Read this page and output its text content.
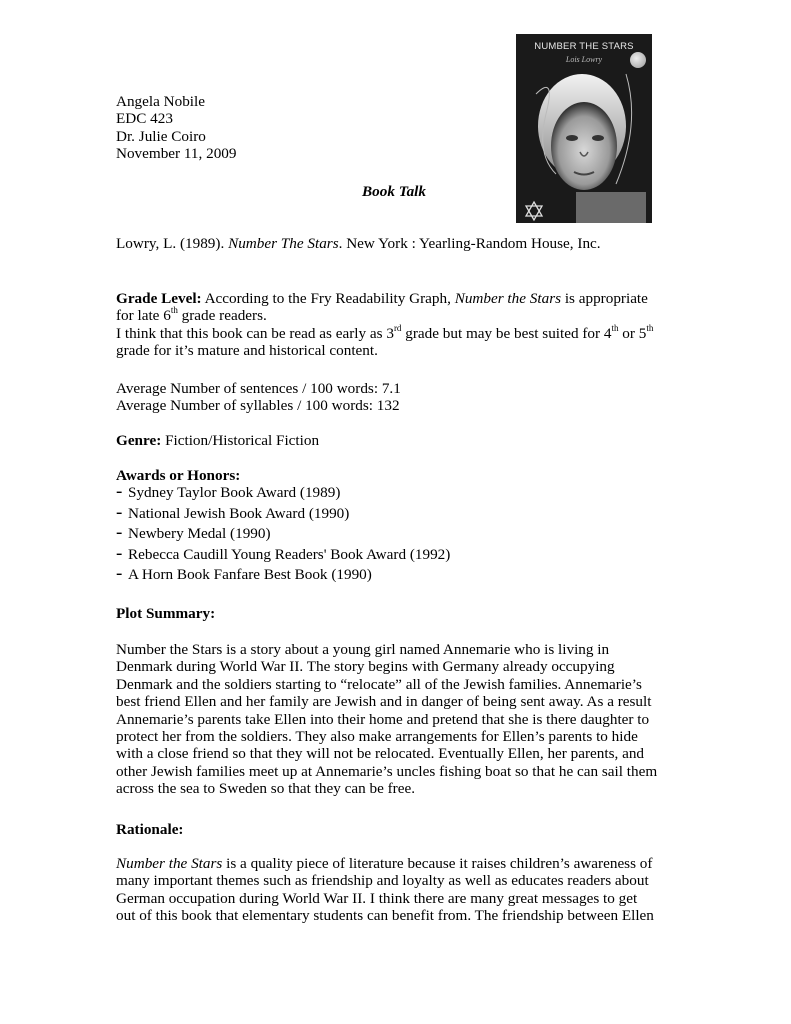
NUMBER THE STARS
Lois Lowry

Angela Nobile

EDC 423

Dr. Julie Coiro

November 11, 2009

Book Talk
Lowry, L. (1989). Number The Stars. New York : Yearling-Random House, Inc.

Grade Level: According to the Fry Readability Graph, Number the Stars is appropriate

for late 6th grade readers.

I think that this book can be read as early as 3rd grade but may be best suited for 4th or 5th

grade for it’s mature and historical content.

Average Number of sentences / 100 words: 7.1

Average Number of syllables / 100 words: 132

Genre: Fiction/Historical Fiction

Awards or Honors:

- Sydney Taylor Book Award (1989)
- National Jewish Book Award (1990)
- Newbery Medal (1990)
- Rebecca Caudill Young Readers' Book Award (1992)
- A Horn Book Fanfare Best Book (1990)
Plot Summary:

Number the Stars is a story about a young girl named Annemarie who is living in

Denmark during World War II. The story begins with Germany already occupying

Denmark and the soldiers starting to “relocate” all of the Jewish families. Annemarie’s

best friend Ellen and her family are Jewish and in danger of being sent away. As a result

Annemarie’s parents take Ellen into their home and pretend that she is there daughter to

protect her from the soldiers. They also make arrangements for Ellen’s parents to hide

with a close friend so that they will not be relocated. Eventually Ellen, her parents, and

other Jewish families meet up at Annemarie’s uncles fishing boat so that he can sail them

across the sea to Sweden so that they can be free.

Rationale:

Number the Stars is a quality piece of literature because it raises children’s awareness of

many important themes such as friendship and loyalty as well as educates readers about

German occupation during World War II. I think there are many great messages to get

out of this book that elementary students can benefit from. The friendship between Ellen
